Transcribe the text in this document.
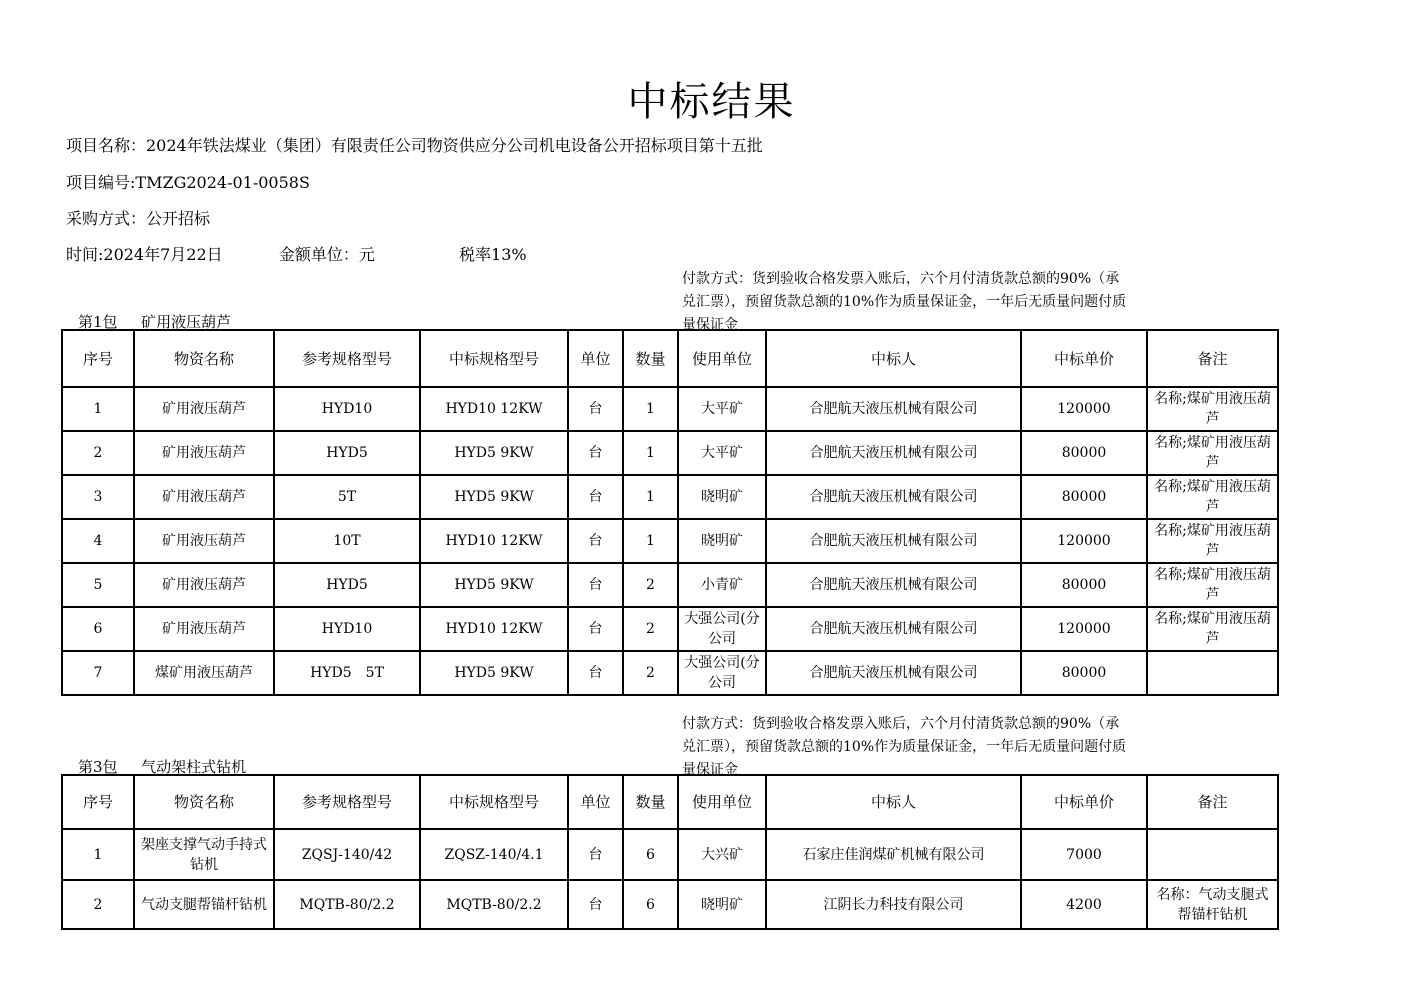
中标结果
项目名称：2024年铁法煤业（集团）有限责任公司物资供应分公司机电设备公开招标项目第十五批
项目编号:TMZG2024-01-0058S
采购方式：公开招标
时间:2024年7月22日	金额单位：元	税率13%
付款方式：货到验收合格发票入账后，六个月付清货款总额的90%（承兑汇票），预留货款总额的10%作为质量保证金，一年后无质量问题付质量保证金
第1包 矿用液压葫芦
序号	物资名称	参考规格型号	中标规格型号	单位	数量	使用单位	中标人	中标单价	备注
1	矿用液压葫芦	HYD10	HYD10 12KW	台	1	大平矿	合肥航天液压机械有限公司	120000	名称;煤矿用液压葫芦
2	矿用液压葫芦	HYD5	HYD5 9KW	台	1	大平矿	合肥航天液压机械有限公司	80000	名称;煤矿用液压葫芦
3	矿用液压葫芦	5T	HYD5 9KW	台	1	晓明矿	合肥航天液压机械有限公司	80000	名称;煤矿用液压葫芦
4	矿用液压葫芦	10T	HYD10 12KW	台	1	晓明矿	合肥航天液压机械有限公司	120000	名称;煤矿用液压葫芦
5	矿用液压葫芦	HYD5	HYD5 9KW	台	2	小青矿	合肥航天液压机械有限公司	80000	名称;煤矿用液压葫芦
6	矿用液压葫芦	HYD10	HYD10 12KW	台	2	大强公司(分公司	合肥航天液压机械有限公司	120000	名称;煤矿用液压葫芦
7	煤矿用液压葫芦	HYD5　5T	HYD5 9KW	台	2	大强公司(分公司	合肥航天液压机械有限公司	80000	
付款方式：货到验收合格发票入账后，六个月付清货款总额的90%（承兑汇票），预留货款总额的10%作为质量保证金，一年后无质量问题付质量保证金
第3包 气动架柱式钻机
序号	物资名称	参考规格型号	中标规格型号	单位	数量	使用单位	中标人	中标单价	备注
1	架座支撑气动手持式钻机	ZQSJ-140/42	ZQSZ-140/4.1	台	6	大兴矿	石家庄佳润煤矿机械有限公司	7000	
2	气动支腿帮锚杆钻机	MQTB-80/2.2	MQTB-80/2.2	台	6	晓明矿	江阴长力科技有限公司	4200	名称：气动支腿式帮锚杆钻机
